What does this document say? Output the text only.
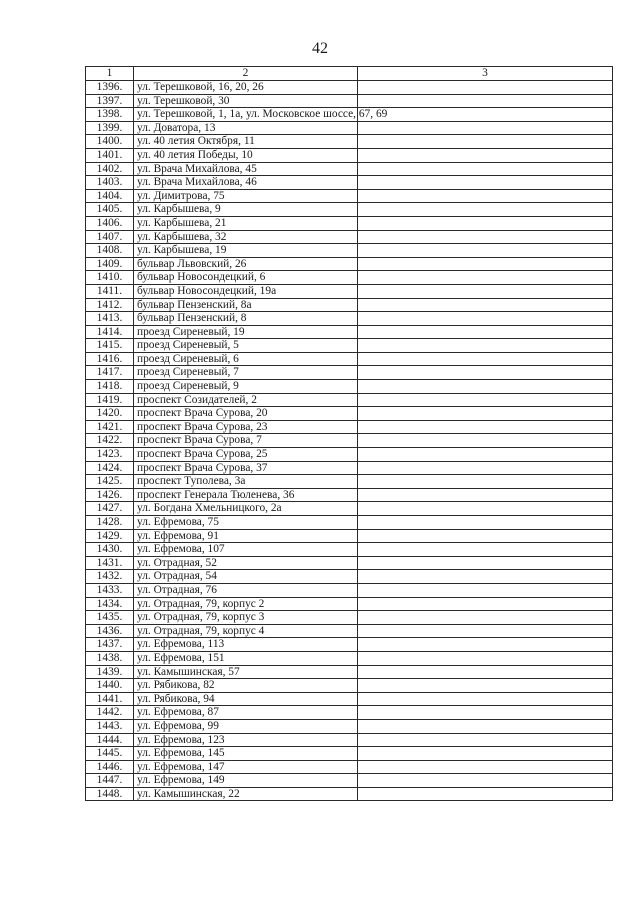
42
1	2	3
1396.	ул. Терешковой, 16, 20, 26	
1397.	ул. Терешковой, 30	
1398.	ул. Терешковой, 1, 1а, ул. Московское шоссе, 67, 69	
1399.	ул. Доватора, 13	
1400.	ул. 40 летия Октября, 11	
1401.	ул. 40 летия Победы, 10	
1402.	ул. Врача Михайлова, 45	
1403.	ул. Врача Михайлова, 46	
1404.	ул. Димитрова, 75	
1405.	ул. Карбышева, 9	
1406.	ул. Карбышева, 21	
1407.	ул. Карбышева, 32	
1408.	ул. Карбышева, 19	
1409.	бульвар Львовский, 26	
1410.	бульвар Новосондецкий, 6	
1411.	бульвар Новосондецкий, 19а	
1412.	бульвар Пензенский, 8а	
1413.	бульвар Пензенский, 8	
1414.	проезд Сиреневый, 19	
1415.	проезд Сиреневый, 5	
1416.	проезд Сиреневый, 6	
1417.	проезд Сиреневый, 7	
1418.	проезд Сиреневый, 9	
1419.	проспект Созидателей, 2	
1420.	проспект Врача Сурова, 20	
1421.	проспект Врача Сурова, 23	
1422.	проспект Врача Сурова, 7	
1423.	проспект Врача Сурова, 25	
1424.	проспект Врача Сурова, 37	
1425.	проспект Туполева, 3а	
1426.	проспект Генерала Тюленева, 36	
1427.	ул. Богдана Хмельницкого, 2а	
1428.	ул. Ефремова, 75	
1429.	ул. Ефремова, 91	
1430.	ул. Ефремова, 107	
1431.	ул. Отрадная, 52	
1432.	ул. Отрадная, 54	
1433.	ул. Отрадная, 76	
1434.	ул. Отрадная, 79, корпус 2	
1435.	ул. Отрадная, 79, корпус 3	
1436.	ул. Отрадная, 79, корпус 4	
1437.	ул. Ефремова, 113	
1438.	ул. Ефремова, 151	
1439.	ул. Камышинская, 57	
1440.	ул. Рябикова, 82	
1441.	ул. Рябикова, 94	
1442.	ул. Ефремова, 87	
1443.	ул. Ефремова, 99	
1444.	ул. Ефремова, 123	
1445.	ул. Ефремова, 145	
1446.	ул. Ефремова, 147	
1447.	ул. Ефремова, 149	
1448.	ул. Камышинская, 22	
